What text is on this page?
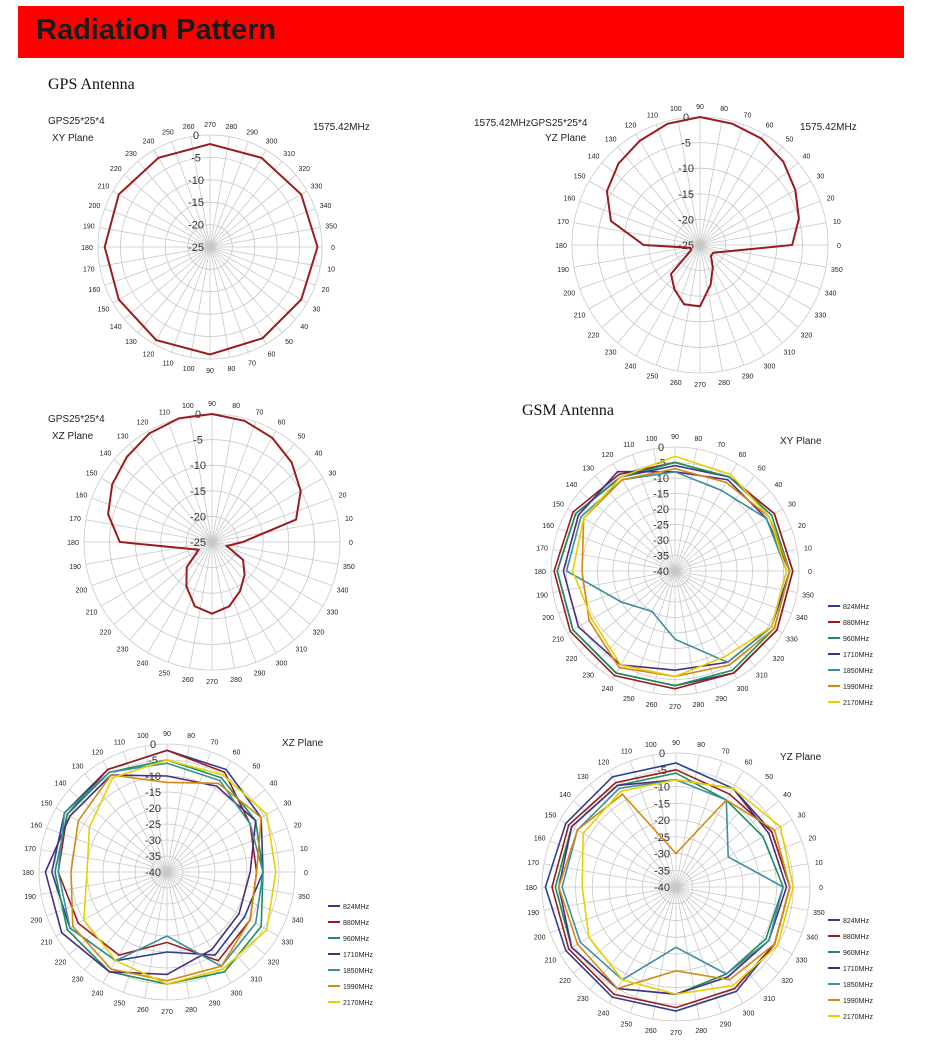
Radiation Pattern
GPS Antenna
GSM Antenna
0
10
20
30
40
50
60
70
80
90
100
110
120
130
140
150
160
170
180
190
200
210
220
230
240
250
260 270 280
290
300
310
320
330
340
350
0
-5
-10
-15
-20
-25
GPS25*25*4
XY Plane
1575.42MHz
90 80
70
60
50
40
30
20
10
0
350
340
330
320
310
300
290
280
270
260
250
240
230
220
210
200
190
180
170
160
150
140
130
120
110
100
0
-5
-10
-15
-20
-25
1575.42MHzGPS25*25*4
YZ Plane
1575.42MHz
90 80
70
60
50
40
30
20
10
0
350
340
330
320
310
300
290
280
270
260
250
240
230
220
210
200
190
180
170
160
150
140
130
120
110
100
0
-5
-10
-15
-20
-25
GPS25*25*4
XZ Plane
0
10
20
30
40
50
60
70
80
90
100
110
120
130
140
150
160
170
180
190
200
210
220
230
240
250
260 270 280
290
300
310
320
330
340
350
0
-5
-10
-15
-20
-25
-30
-35
-40
XY Plane
824MHz
880MHz
960MHz
1710MHz
1850MHz
1990MHz
2170MHz
0
10
20
30
40
50
60
70
80
90
100
110
120
130
140
150
160
170
180
190
200
210
220
230
240
250
260 270 280
290
300
310
320
330
340
350
0
-5
-10
-15
-20
-25
-30
-35
-40
XZ Plane
824MHz
880MHz
960MHz
1710MHz
1850MHz
1990MHz
2170MHz
0
10
20
30
40
50
60
70
80
90
100
110
120
130
140
150
160
170
180
190
200
210
220
230
240
250
260 270 280
290
300
310
320
330
340
350
0
-5
-10
-15
-20
-25
-30
-35
-40
YZ Plane
824MHz
880MHz
960MHz
1710MHz
1850MHz
1990MHz
2170MHz
